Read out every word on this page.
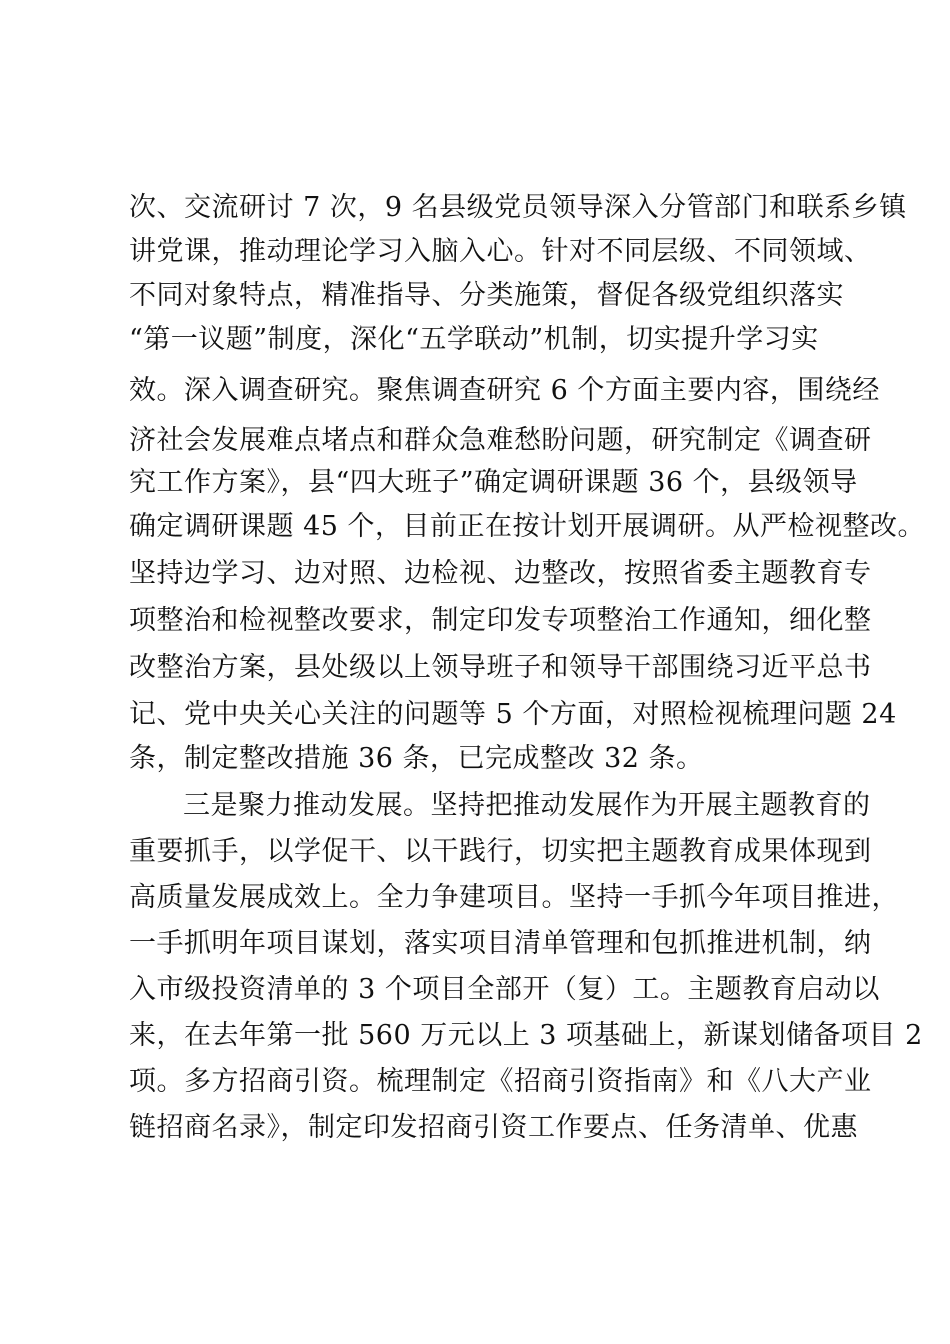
次、交流研讨 7 次，9 名县级党员领导深入分管部门和联系乡镇
讲党课，推动理论学习入脑入心。针对不同层级、不同领域、
不同对象特点，精准指导、分类施策，督促各级党组织落实
“第一议题”制度，深化“五学联动”机制，切实提升学习实
效。深入调查研究。聚焦调查研究 6 个方面主要内容，围绕经
济社会发展难点堵点和群众急难愁盼问题，研究制定《调查研
究工作方案》，县“四大班子”确定调研课题 36 个，县级领导
确定调研课题 45 个，目前正在按计划开展调研。从严检视整改。
坚持边学习、边对照、边检视、边整改，按照省委主题教育专
项整治和检视整改要求，制定印发专项整治工作通知，细化整
改整治方案，县处级以上领导班子和领导干部围绕习近平总书
记、党中央关心关注的问题等 5 个方面，对照检视梳理问题 24
条，制定整改措施 36 条，已完成整改 32 条。
三是聚力推动发展。坚持把推动发展作为开展主题教育的
重要抓手，以学促干、以干践行，切实把主题教育成果体现到
高质量发展成效上。全力争建项目。坚持一手抓今年项目推进，
一手抓明年项目谋划，落实项目清单管理和包抓推进机制，纳
入市级投资清单的 3 个项目全部开（复）工。主题教育启动以
来，在去年第一批 560 万元以上 3 项基础上，新谋划储备项目 2
项。多方招商引资。梳理制定《招商引资指南》和《八大产业
链招商名录》，制定印发招商引资工作要点、任务清单、优惠
